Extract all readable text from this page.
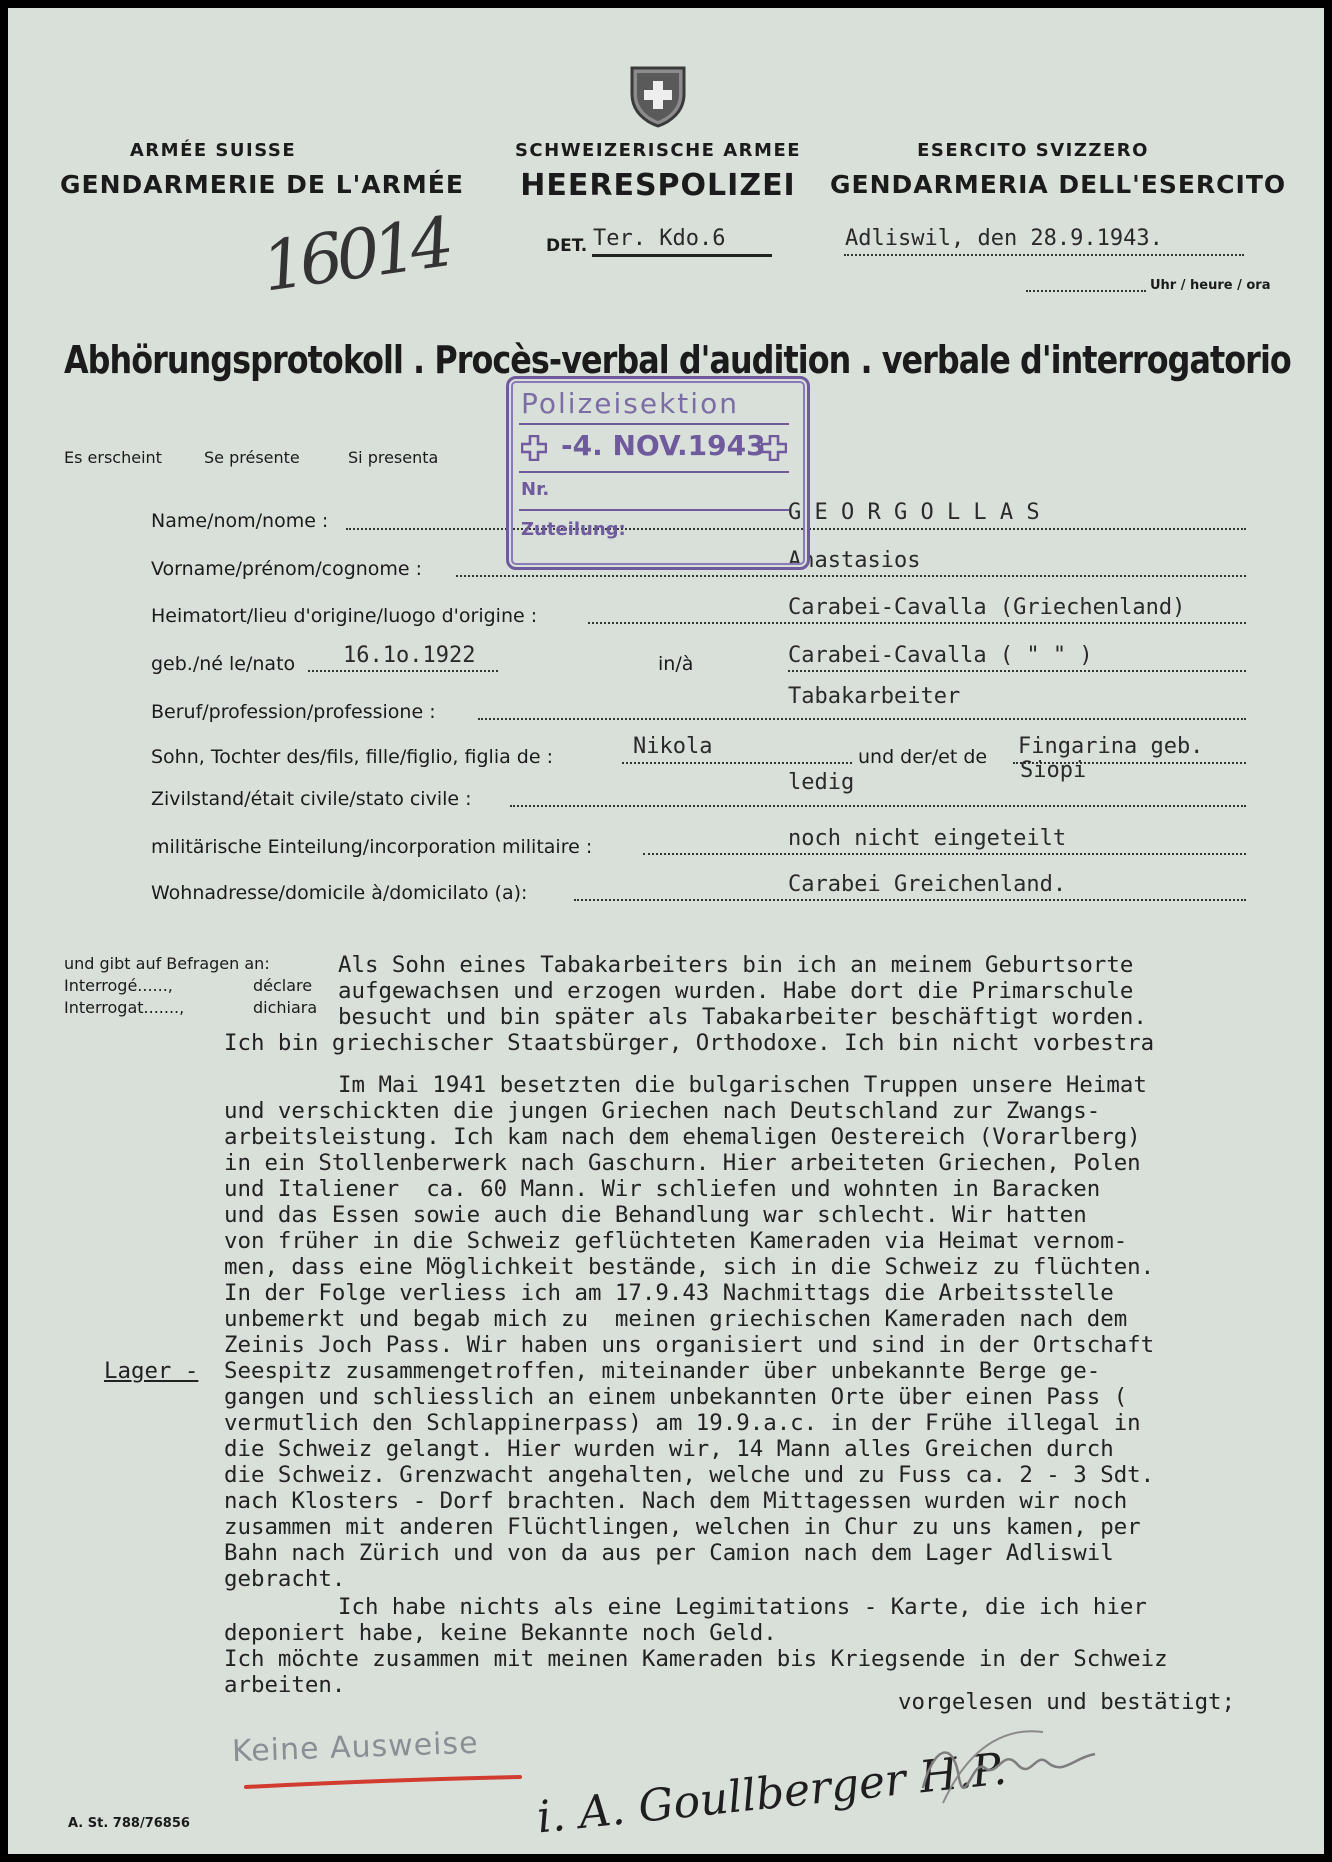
ARMÉE SUISSE
GENDARMERIE DE L'ARMÉE
SCHWEIZERISCHE ARMEE
HEERESPOLIZEI
ESERCITO SVIZZERO
GENDARMERIA DELL'ESERCITO
DET. Ter. Kdo.6	Adliswil, den 28.9.1943.
Uhr / heure / ora
16014
Abhörungsprotokoll . Procès-verbal d'audition . verbale d'interrogatorio
Es erscheint	Se présente	Si presenta
Name/nom/nome :	G E O R G O L L A S
Vorname/prénom/cognome :	Anastasios
Heimatort/lieu d'origine/luogo d'origine :	Carabei-Cavalla (Griechenland)
geb./né le/nato 16.1o.1922	in/à	Carabei-Cavalla ( " " )
Beruf/profession/professione :
Tabakarbeiter
Sohn, Tochter des/fils, fille/figlio, figlia de :	Nikola	und der/et de Fingarina geb.
Siopi
Zivilstand/était civile/stato civile :
ledig
militärische Einteilung/incorporation militaire :	noch nicht eingeteilt
Wohnadresse/domicile à/domicilato (a):	Carabei Greichenland.
Polizeisektion
-4. NOV.1943
Nr.
Zuteilung:
und gibt auf Befragen an:
Interrogé......,	déclare
Interrogat.......,	dichiara
Als Sohn eines Tabakarbeiters bin ich an meinem Geburtsorte
aufgewachsen und erzogen wurden. Habe dort die Primarschule
besucht und bin später als Tabakarbeiter beschäftigt worden.
Ich bin griechischer Staatsbürger, Orthodoxe. Ich bin nicht vorbestra
Im Mai 1941 besetzten die bulgarischen Truppen unsere Heimat
und verschickten die jungen Griechen nach Deutschland zur Zwangs-
arbeitsleistung. Ich kam nach dem ehemaligen Oestereich (Vorarlberg)
in ein Stollenberwerk nach Gaschurn. Hier arbeiteten Griechen, Polen
und Italiener  ca. 60 Mann. Wir schliefen und wohnten in Baracken
und das Essen sowie auch die Behandlung war schlecht. Wir hatten
von früher in die Schweiz geflüchteten Kameraden via Heimat vernom-
men, dass eine Möglichkeit bestände, sich in die Schweiz zu flüchten.
In der Folge verliess ich am 17.9.43 Nachmittags die Arbeitsstelle
unbemerkt und begab mich zu  meinen griechischen Kameraden nach dem
Zeinis Joch Pass. Wir haben uns organisiert und sind in der Ortschaft
Lager - Seespitz zusammengetroffen, miteinander über unbekannte Berge ge-
gangen und schliesslich an einem unbekannten Orte über einen Pass (
vermutlich den Schlappinerpass) am 19.9.a.c. in der Frühe illegal in
die Schweiz gelangt. Hier wurden wir, 14 Mann alles Greichen durch
die Schweiz. Grenzwacht angehalten, welche und zu Fuss ca. 2 - 3 Sdt.
nach Klosters - Dorf brachten. Nach dem Mittagessen wurden wir noch
zusammen mit anderen Flüchtlingen, welchen in Chur zu uns kamen, per
Bahn nach Zürich und von da aus per Camion nach dem Lager Adliswil
gebracht.
Ich habe nichts als eine Legimitations - Karte, die ich hier
deponiert habe, keine Bekannte noch Geld.
Ich möchte zusammen mit meinen Kameraden bis Kriegsende in der Schweiz
arbeiten.
vorgelesen und bestätigt;
Keine Ausweise i. A. Goullberger H.P.
A. St. 788/76856
